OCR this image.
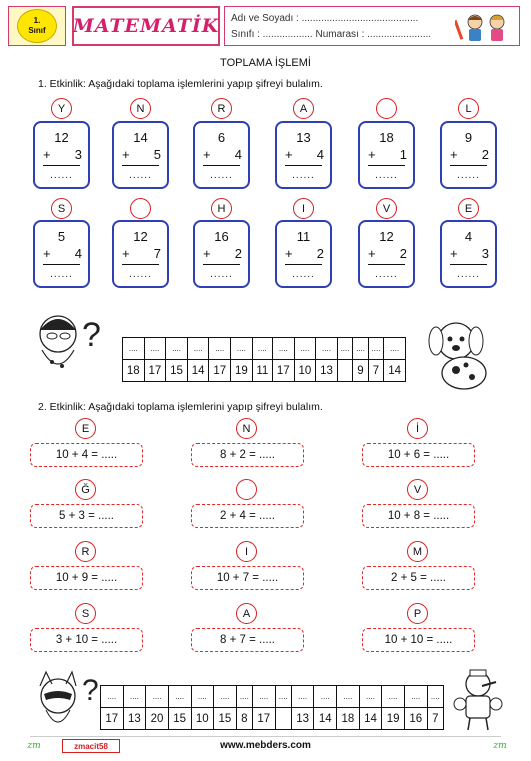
1.
Sınıf MATEMATİK Adı ve Soyadı : ..........................................
Sınıfı : .................. Numarası : .......................
TOPLAMA İŞLEMİ
1. Etkinlik: Aşağıdaki toplama işlemlerini yapıp şifreyi bulalım.
Y
12
+ 3
......
N
14
+ 5
......
R
6
+ 4
......
A
13
+ 4
......
18
+ 1
......
L
9
+ 2
......
S
5
+ 4
......
12
+ 7
......
H
16
+ 2
......
I
11
+ 2
......
V
12
+ 2
......
E
4
+ 3
......
?	....	....	....	....	....	....	....	....	....	....	....	....	....	....
18	17	15	14	17	19	11	17	10	13		9	7	14
2. Etkinlik: Aşağıdaki toplama işlemlerini yapıp şifreyi bulalım.
E
10 + 4 = .....
N
8 + 2 = .....
İ
10 + 6 = .....
Ğ
5 + 3 = .....	2 + 4 = .....
V
10 + 8 = .....
R
10 + 9 = .....
I
10 + 7 = .....
M
2 + 5 = .....
S
3 + 10 = .....
A
8 + 7 = .....
P
10 + 10 = .....
? ....	....	....	....	....	....	....	....	....	....	....	....	....	....	....	....
17	13	20	15	10	15	8	17		13	14	18	14	19	16	7
zm	zmacit58	www.mebders.com	zm
